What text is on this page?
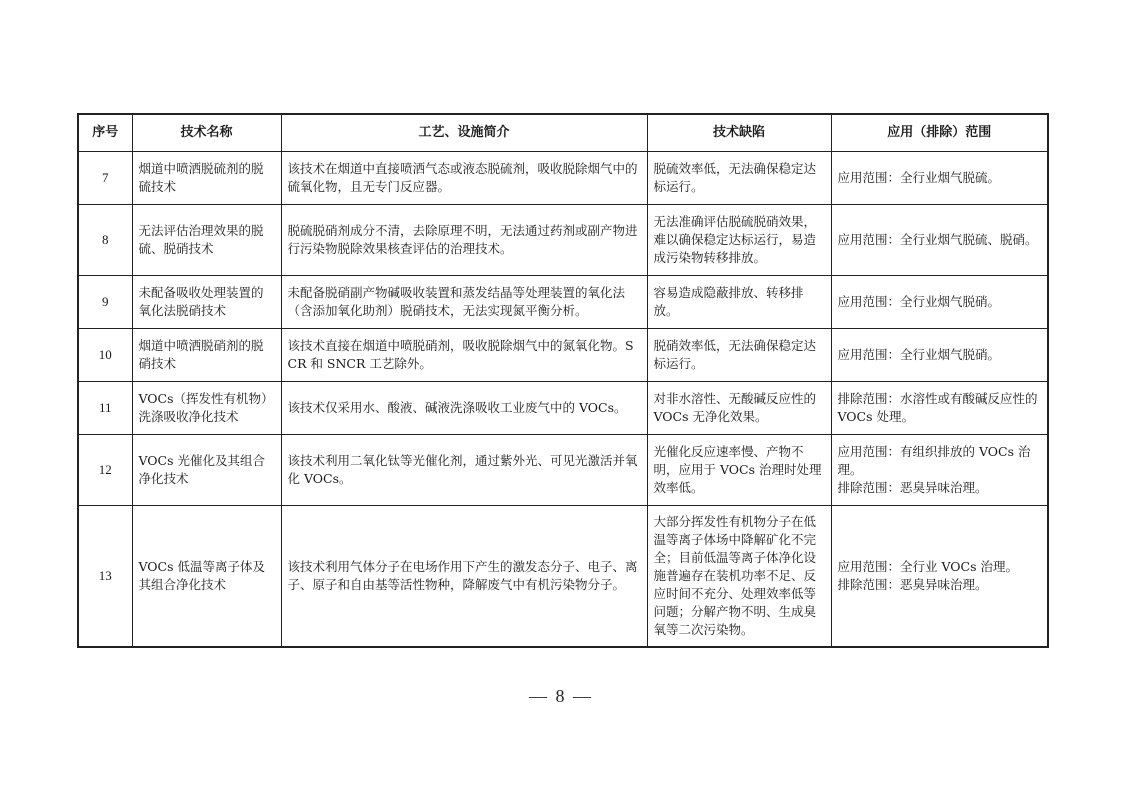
序号	技术名称	工艺、设施简介	技术缺陷	应用（排除）范围
7	烟道中喷洒脱硫剂的脱硫技术	该技术在烟道中直接喷洒气态或液态脱硫剂，吸收脱除烟气中的硫氧化物，且无专门反应器。	脱硫效率低，无法确保稳定达标运行。	应用范围：全行业烟气脱硫。

8	无法评估治理效果的脱硫、脱硝技术	脱硫脱硝剂成分不清，去除原理不明，无法通过药剂或副产物进行污染物脱除效果核查评估的治理技术。	无法准确评估脱硫脱硝效果，难以确保稳定达标运行，易造成污染物转移排放。	应用范围：全行业烟气脱硫、脱硝。

9	未配备吸收处理装置的氧化法脱硝技术	未配备脱硝副产物碱吸收装置和蒸发结晶等处理装置的氧化法（含添加氧化助剂）脱硝技术，无法实现氮平衡分析。	容易造成隐蔽排放、转移排放。	应用范围：全行业烟气脱硝。

10	烟道中喷洒脱硝剂的脱硝技术	该技术直接在烟道中喷脱硝剂，吸收脱除烟气中的氮氧化物。SCR 和 SNCR 工艺除外。	脱硝效率低，无法确保稳定达标运行。	应用范围：全行业烟气脱硝。

11	VOCs（挥发性有机物）洗涤吸收净化技术	该技术仅采用水、酸液、碱液洗涤吸收工业废气中的 VOCs。	对非水溶性、无酸碱反应性的 VOCs 无净化效果。	排除范围：水溶性或有酸碱反应性的 VOCs 处理。

12	VOCs 光催化及其组合净化技术	该技术利用二氧化钛等光催化剂，通过紫外光、可见光激活并氧化 VOCs。	光催化反应速率慢、产物不明，应用于 VOCs 治理时处理效率低。	应用范围：有组织排放的 VOCs 治理。
排除范围：恶臭异味治理。

13	VOCs 低温等离子体及其组合净化技术	该技术利用气体分子在电场作用下产生的激发态分子、电子、离子、原子和自由基等活性物种，降解废气中有机污染物分子。	大部分挥发性有机物分子在低温等离子体场中降解矿化不完全；目前低温等离子体净化设施普遍存在装机功率不足、反应时间不充分、处理效率低等问题；分解产物不明、生成臭氧等二次污染物。	应用范围：全行业 VOCs 治理。
排除范围：恶臭异味治理。
— 8 —
